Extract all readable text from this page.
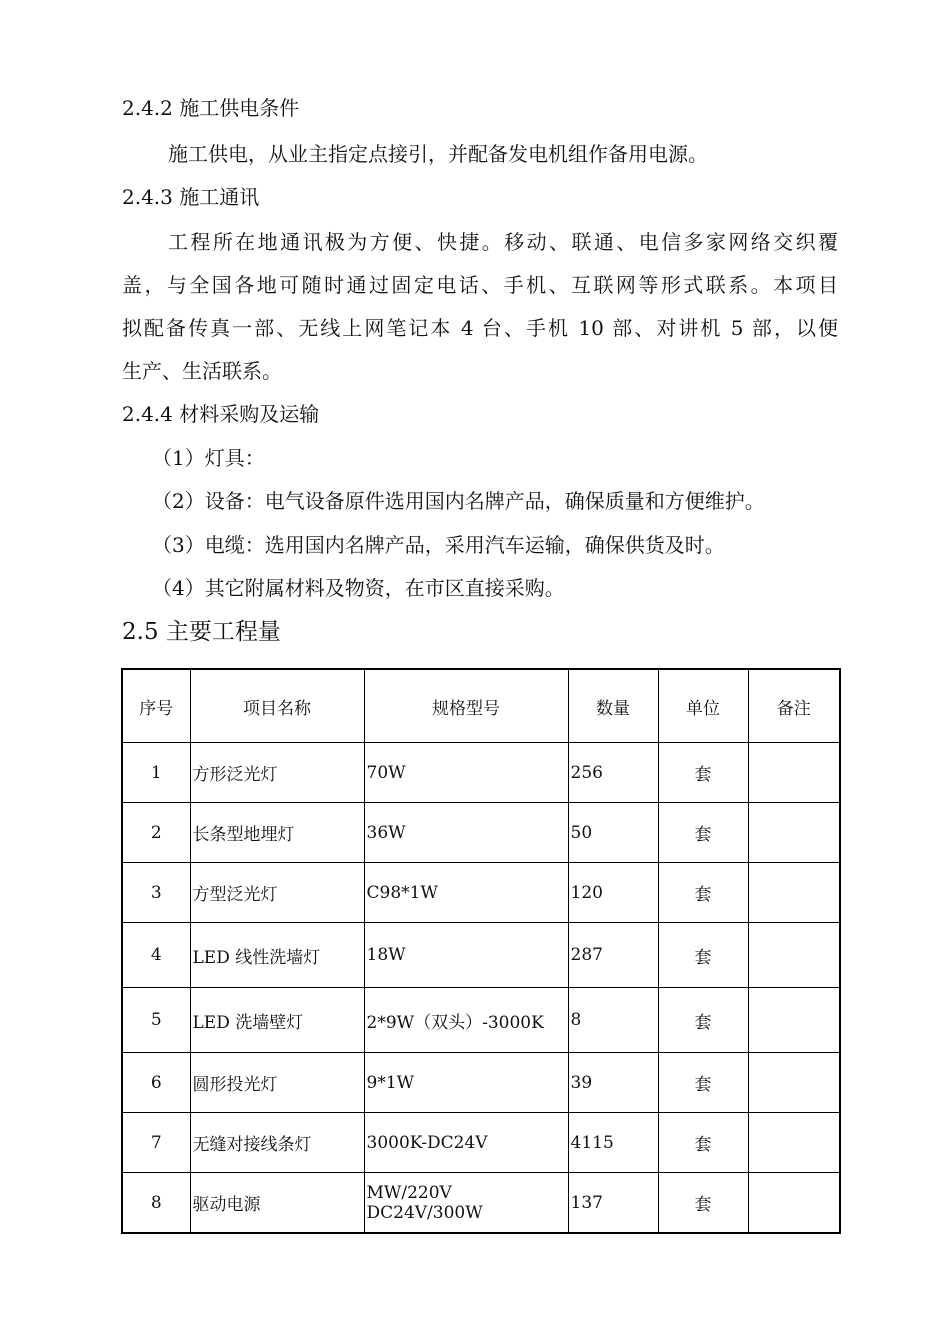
2.4.2 施工供电条件
施工供电，从业主指定点接引，并配备发电机组作备用电源。
2.4.3 施工通讯
工程所在地通讯极为方便、快捷。移动、联通、电信多家网络交织覆
盖，与全国各地可随时通过固定电话、手机、互联网等形式联系。本项目
拟配备传真一部、无线上网笔记本 4 台、手机 10 部、对讲机 5 部，以便
生产、生活联系。
2.4.4 材料采购及运输
（1）灯具：
（2）设备：电气设备原件选用国内名牌产品，确保质量和方便维护。
（3）电缆：选用国内名牌产品，采用汽车运输，确保供货及时。
（4）其它附属材料及物资，在市区直接采购。
2.5 主要工程量
序号	项目名称	规格型号	数量	单位	备注
1	方形泛光灯	70W	256	套	
2	长条型地埋灯	36W	50	套	
3	方型泛光灯	C98*1W	120	套	
4	LED 线性洗墙灯	18W	287	套	
5	LED 洗墙壁灯	2*9W（双头）-3000K	8	套	
6	圆形投光灯	9*1W	39	套	
7	无缝对接线条灯	3000K-DC24V	4115	套	
8	驱动电源	MW/220V DC24V/300W	137	套	
